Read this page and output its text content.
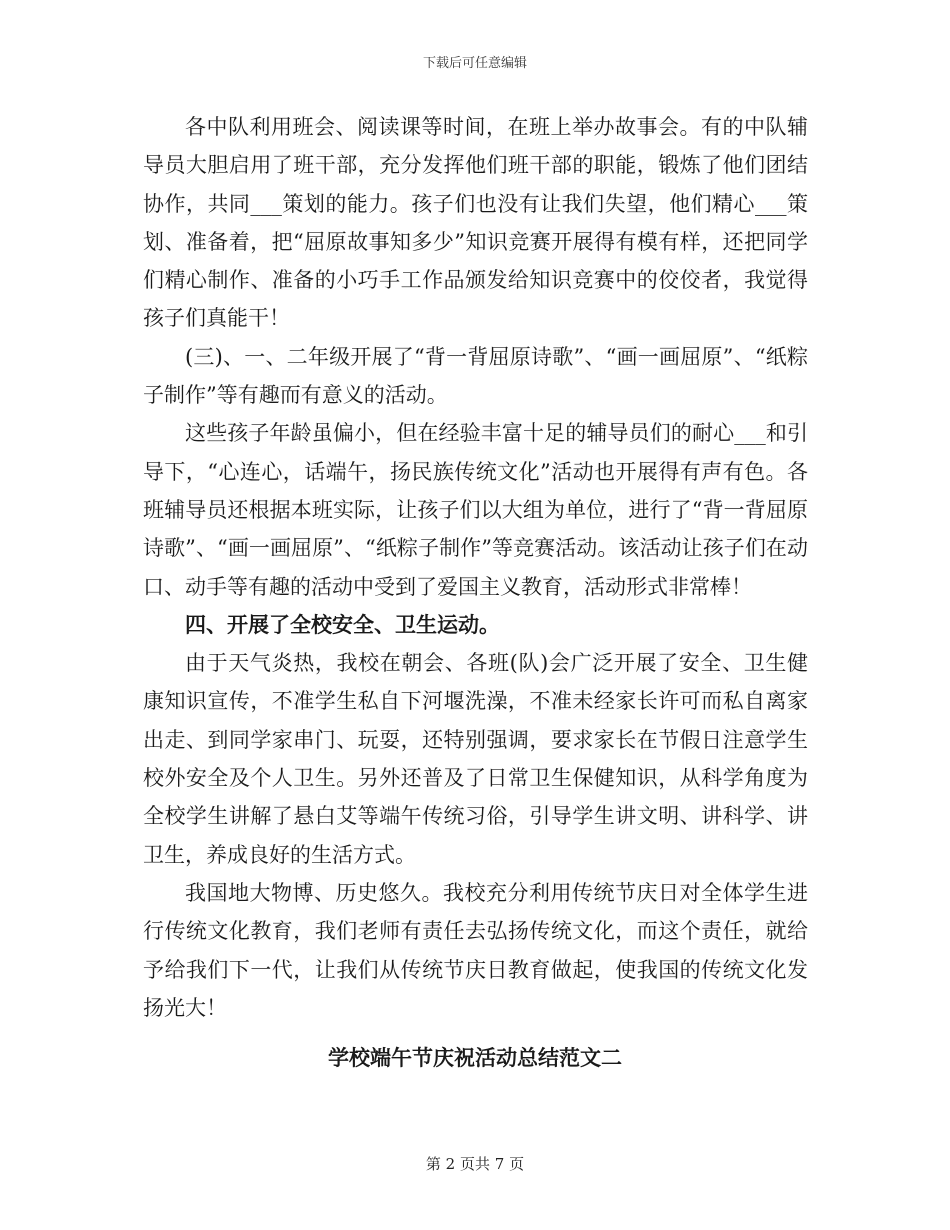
下载后可任意编辑

各中队利用班会、阅读课等时间，在班上举办故事会。有的中队辅导员大胆启用了班干部，充分发挥他们班干部的职能，锻炼了他们团结协作，共同___策划的能力。孩子们也没有让我们失望，他们精心___策划、准备着，把“屈原故事知多少”知识竞赛开展得有模有样，还把同学们精心制作、准备的小巧手工作品颁发给知识竞赛中的佼佼者，我觉得孩子们真能干！

(三)、一、二年级开展了“背一背屈原诗歌”、“画一画屈原”、“纸粽子制作”等有趣而有意义的活动。

这些孩子年龄虽偏小，但在经验丰富十足的辅导员们的耐心___和引导下，“心连心，话端午，扬民族传统文化”活动也开展得有声有色。各班辅导员还根据本班实际，让孩子们以大组为单位，进行了“背一背屈原诗歌”、“画一画屈原”、“纸粽子制作”等竞赛活动。该活动让孩子们在动口、动手等有趣的活动中受到了爱国主义教育，活动形式非常棒！

四、开展了全校安全、卫生运动。

由于天气炎热，我校在朝会、各班(队)会广泛开展了安全、卫生健康知识宣传，不准学生私自下河堰洗澡，不准未经家长许可而私自离家出走、到同学家串门、玩耍，还特别强调，要求家长在节假日注意学生校外安全及个人卫生。另外还普及了日常卫生保健知识，从科学角度为全校学生讲解了悬白艾等端午传统习俗，引导学生讲文明、讲科学、讲卫生，养成良好的生活方式。

我国地大物博、历史悠久。我校充分利用传统节庆日对全体学生进行传统文化教育，我们老师有责任去弘扬传统文化，而这个责任，就给予给我们下一代，让我们从传统节庆日教育做起，使我国的传统文化发扬光大！

学校端午节庆祝活动总结范文二
第 2 页共 7 页
